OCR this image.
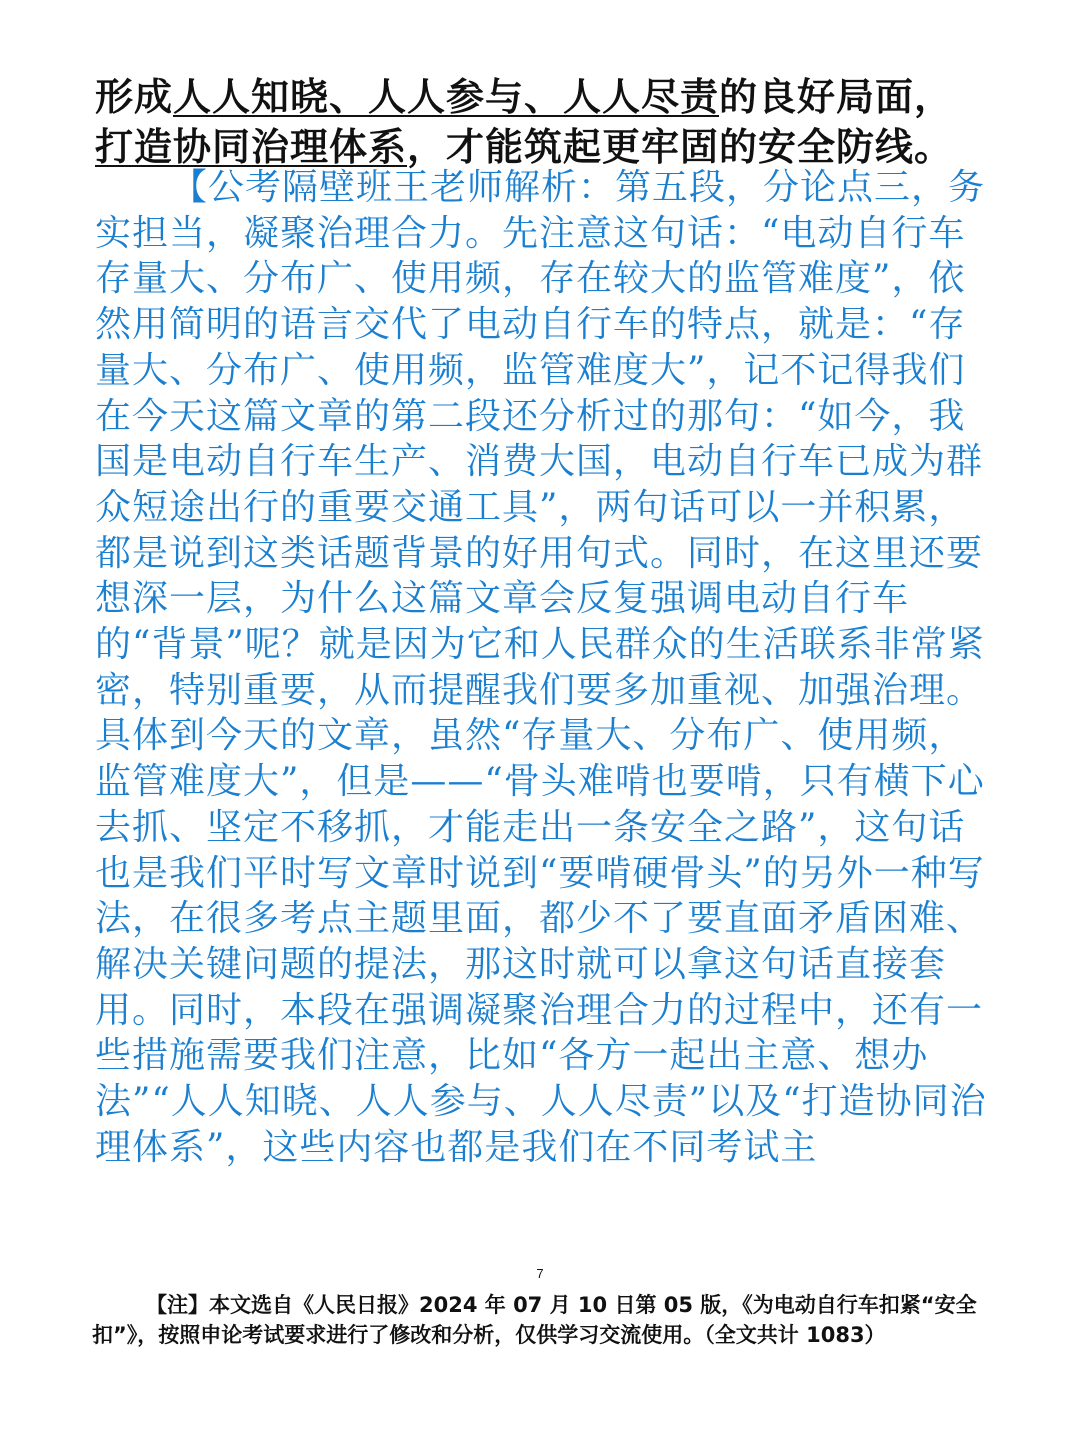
形成人人知晓、人人参与、人人尽责的良好局面，打造协同治理体系，才能筑起更牢固的安全防线。
【公考隔壁班王老师解析：第五段，分论点三，务实担当，凝聚治理合力。先注意这句话：“电动自行车存量大、分布广、使用频，存在较大的监管难度”，依然用简明的语言交代了电动自行车的特点，就是：“存量大、分布广、使用频，监管难度大”，记不记得我们在今天这篇文章的第二段还分析过的那句：“如今，我国是电动自行车生产、消费大国，电动自行车已成为群众短途出行的重要交通工具”，两句话可以一并积累，都是说到这类话题背景的好用句式。同时，在这里还要想深一层，为什么这篇文章会反复强调电动自行车的“背景”呢？就是因为它和人民群众的生活联系非常紧密，特别重要，从而提醒我们要多加重视、加强治理。具体到今天的文章，虽然“存量大、分布广、使用频，监管难度大”，但是——“骨头难啃也要啃，只有横下心去抓、坚定不移抓，才能走出一条安全之路”，这句话也是我们平时写文章时说到“要啃硬骨头”的另外一种写法，在很多考点主题里面，都少不了要直面矛盾困难、解决关键问题的提法，那这时就可以拿这句话直接套用。同时，本段在强调凝聚治理合力的过程中，还有一些措施需要我们注意，比如“各方一起出主意、想办法”“人人知晓、人人参与、人人尽责”以及“打造协同治理体系”，这些内容也都是我们在不同考试主
7
【注】本文选自《人民日报》2024 年 07 月 10 日第 05 版，《为电动自行车扣紧“安全扣”》，按照申论考试要求进行了修改和分析，仅供学习交流使用。（全文共计 1083）
